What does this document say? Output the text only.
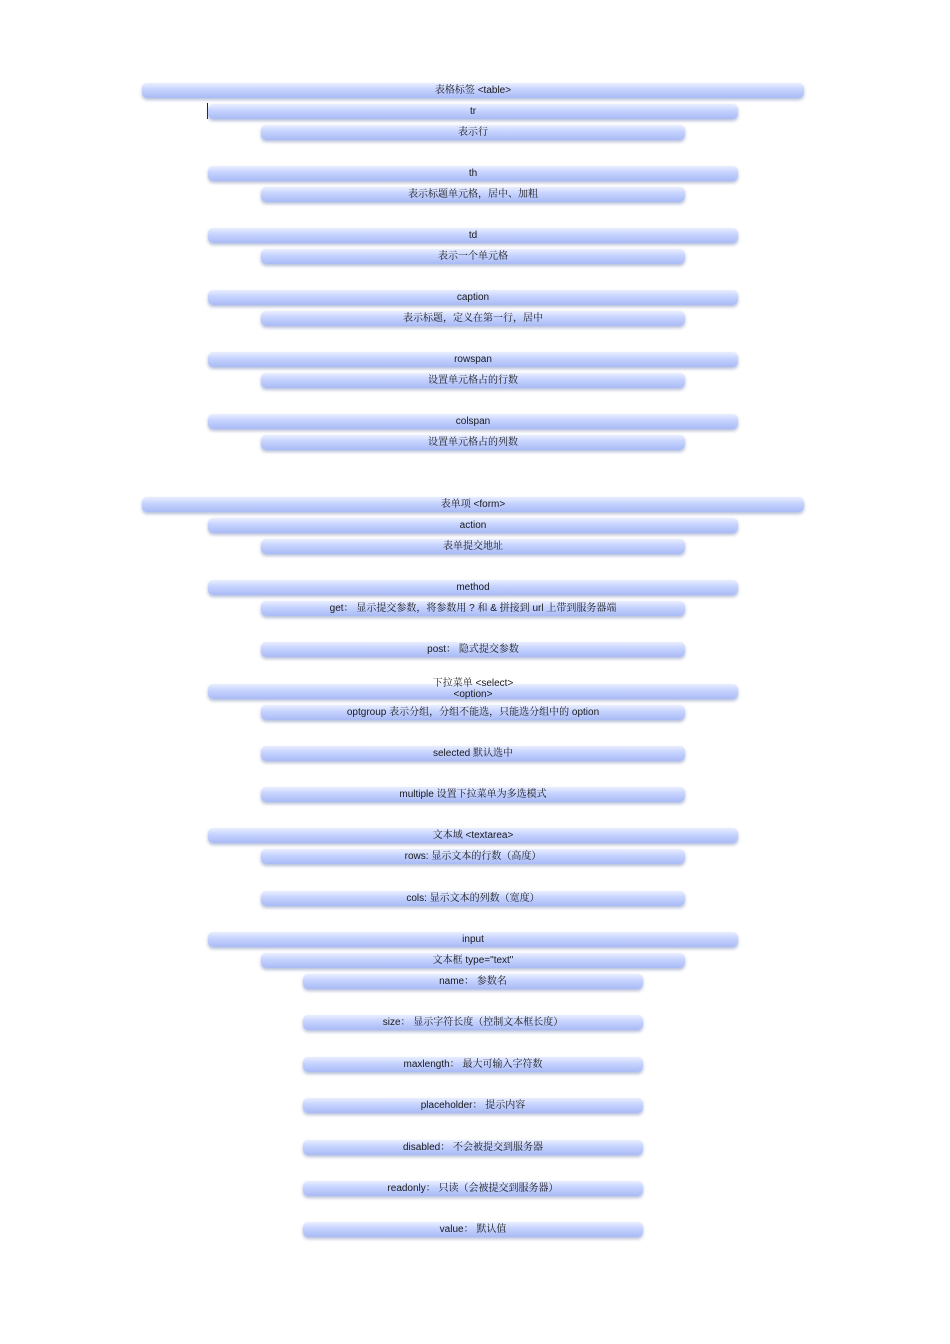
表格标签 <table>
tr
表示行
th
表示标题单元格，居中、加粗
td
表示一个单元格
caption
表示标题，定义在第一行，居中
rowspan
设置单元格占的行数
colspan
设置单元格占的列数
表单项 <form>
action
表单提交地址
method
get： 显示提交参数，将参数用 ? 和 & 拼接到 url 上带到服务器端
post： 隐式提交参数
下拉菜单 <select> <option>
optgroup 表示分组，分组不能选，只能选分组中的 option
selected 默认选中
multiple 设置下拉菜单为多选模式
文本域 <textarea>
rows: 显示文本的行数（高度）
cols: 显示文本的列数（宽度）
input
文本框 type="text"
name： 参数名
size： 显示字符长度（控制文本框长度）
maxlength： 最大可输入字符数
placeholder： 提示内容
disabled： 不会被提交到服务器
readonly： 只读（会被提交到服务器）
value： 默认值
